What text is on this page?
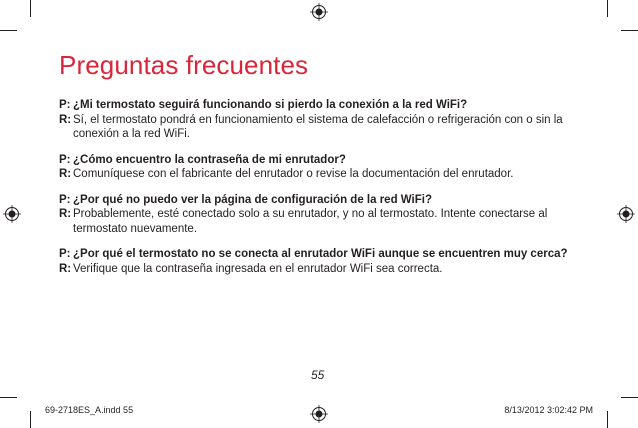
Preguntas frecuentes
P: ¿Mi termostato seguirá funcionando si pierdo la conexión a la red WiFi?
R: Sí, el termostato pondrá en funcionamiento el sistema de calefacción o refrigeración con o sin la conexión a la red WiFi.
P: ¿Cómo encuentro la contraseña de mi enrutador?
R: Comuníquese con el fabricante del enrutador o revise la documentación del enrutador.
P: ¿Por qué no puedo ver la página de configuración de la red WiFi?
R: Probablemente, esté conectado solo a su enrutador, y no al termostato. Intente conectarse al termostato nuevamente.
P: ¿Por qué el termostato no se conecta al enrutador WiFi aunque se encuentren muy cerca?
R: Verifique que la contraseña ingresada en el enrutador WiFi sea correcta.
55
69-2718ES_A.indd 55	8/13/2012 3:02:42 PM
